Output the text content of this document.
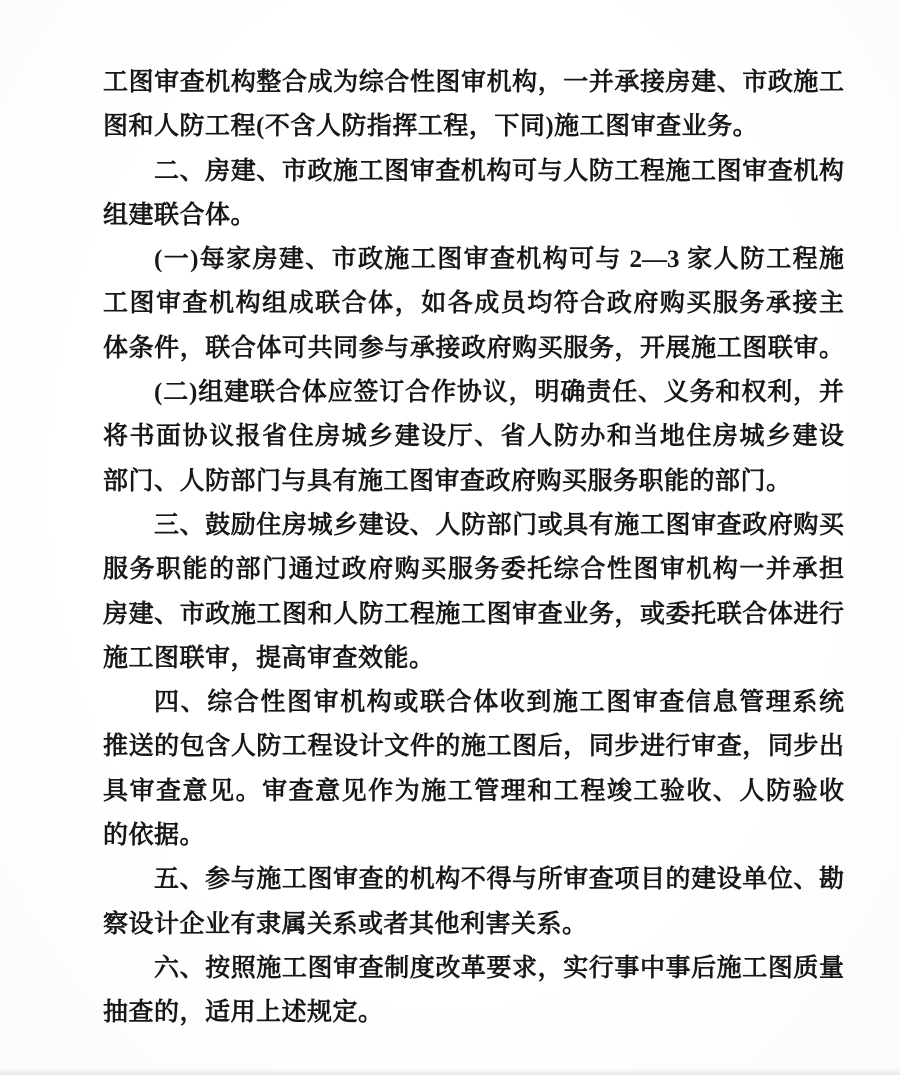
工图审查机构整合成为综合性图审机构，一并承接房建、市政施工
图和人防工程(不含人防指挥工程，下同)施工图审查业务。
二、房建、市政施工图审查机构可与人防工程施工图审查机构
组建联合体。
(一)每家房建、市政施工图审查机构可与 2—3 家人防工程施
工图审查机构组成联合体，如各成员均符合政府购买服务承接主
体条件，联合体可共同参与承接政府购买服务，开展施工图联审。
(二)组建联合体应签订合作协议，明确责任、义务和权利，并
将书面协议报省住房城乡建设厅、省人防办和当地住房城乡建设
部门、人防部门与具有施工图审查政府购买服务职能的部门。
三、鼓励住房城乡建设、人防部门或具有施工图审查政府购买
服务职能的部门通过政府购买服务委托综合性图审机构一并承担
房建、市政施工图和人防工程施工图审查业务，或委托联合体进行
施工图联审，提高审查效能。
四、综合性图审机构或联合体收到施工图审查信息管理系统
推送的包含人防工程设计文件的施工图后，同步进行审查，同步出
具审查意见。审查意见作为施工管理和工程竣工验收、人防验收
的依据。
五、参与施工图审查的机构不得与所审查项目的建设单位、勘
察设计企业有隶属关系或者其他利害关系。
六、按照施工图审查制度改革要求，实行事中事后施工图质量
抽查的，适用上述规定。
